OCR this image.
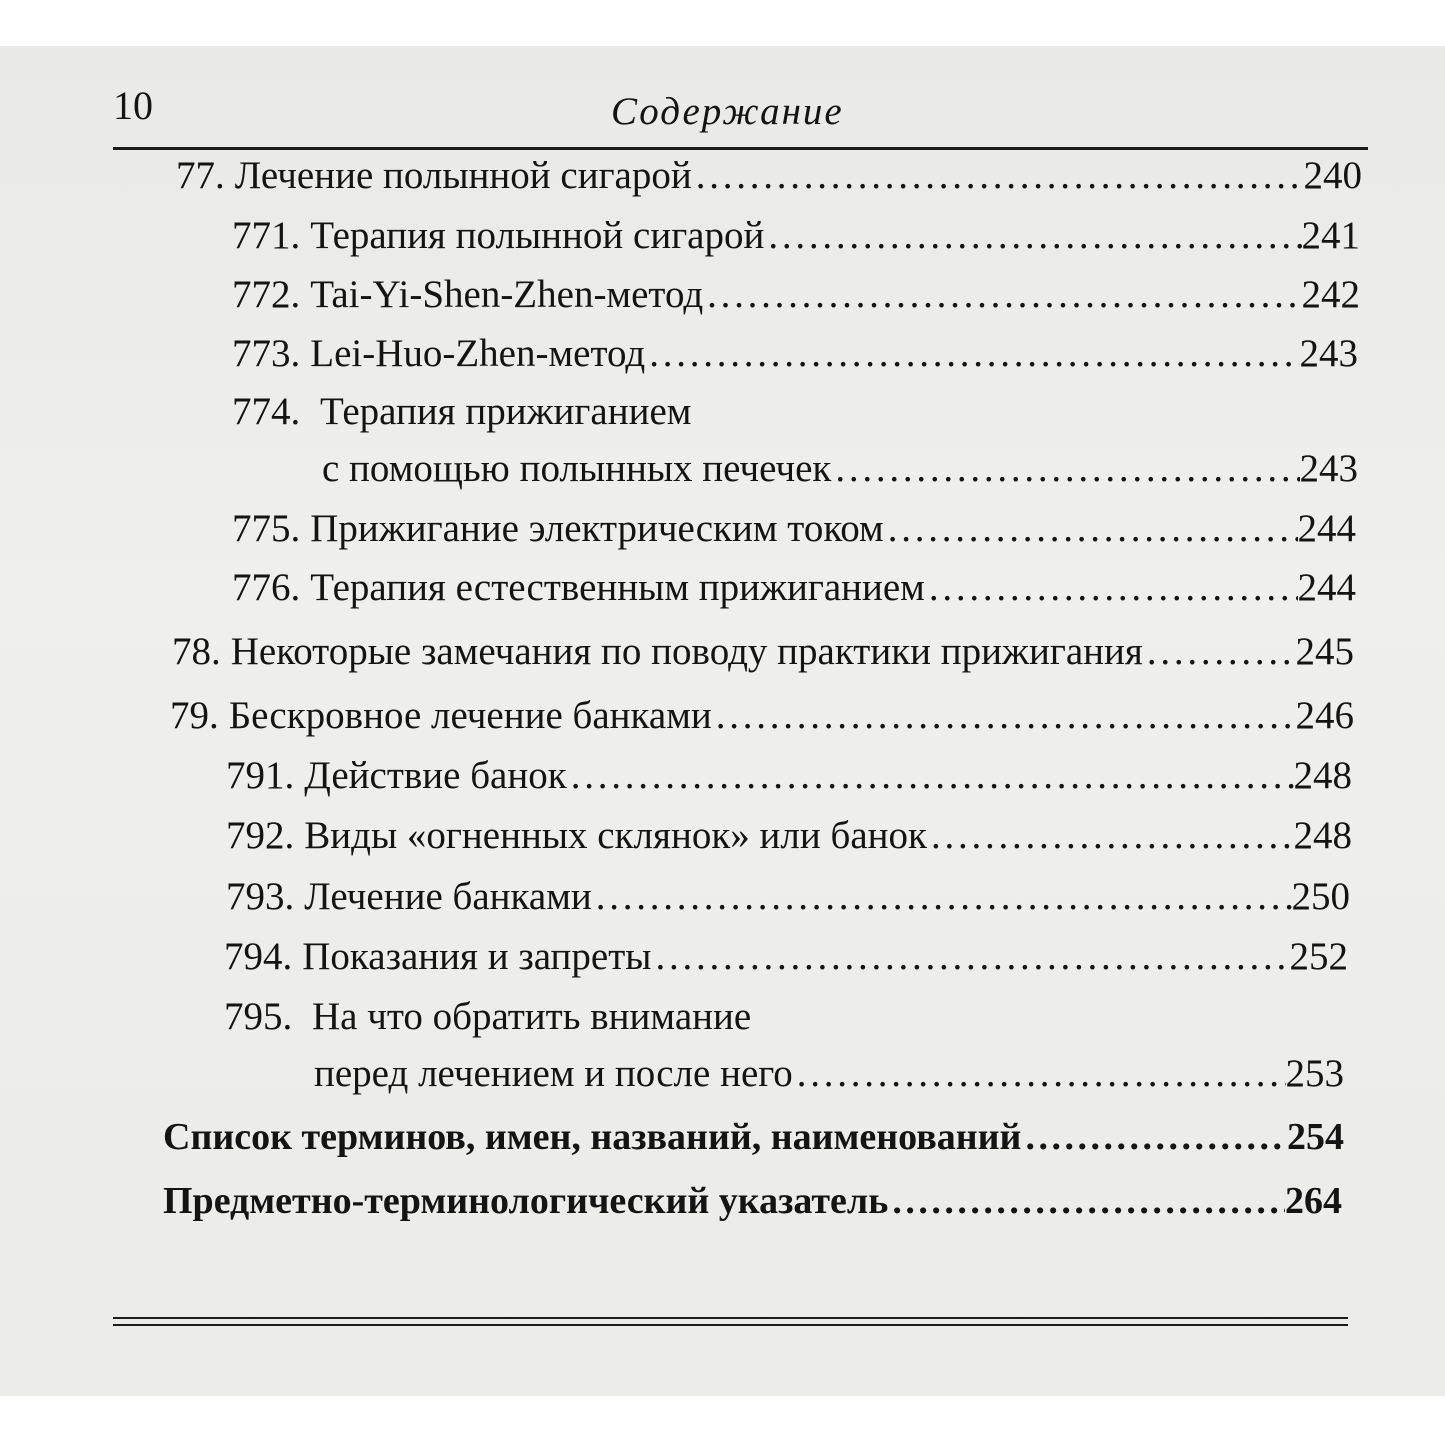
10	Содержание
77. Лечение полынной сигарой . . .	240
771. Терапия полынной сигарой . . .	241
772. Tai-Yi-Shen-Zhen-метод . . .	242
773. Lei-Huo-Zhen-метод . . .	243
774. Терапия прижиганием
с помощью полынных печечек . . .	243
775. Прижигание электрическим током . . .	244
776. Терапия естественным прижиганием . . .	244
78. Некоторые замечания по поводу практики прижигания . . .	245
79. Бескровное лечение банками . . .	246
791. Действие банок . . .	248
792. Виды «огненных склянок» или банок . . .	248
793. Лечение банками . . .	250
794. Показания и запреты . . .	252
795. На что обратить внимание
перед лечением и после него . . .	253
Список терминов, имен, названий, наименований . . .	254
Предметно-терминологический указатель . . .	264
